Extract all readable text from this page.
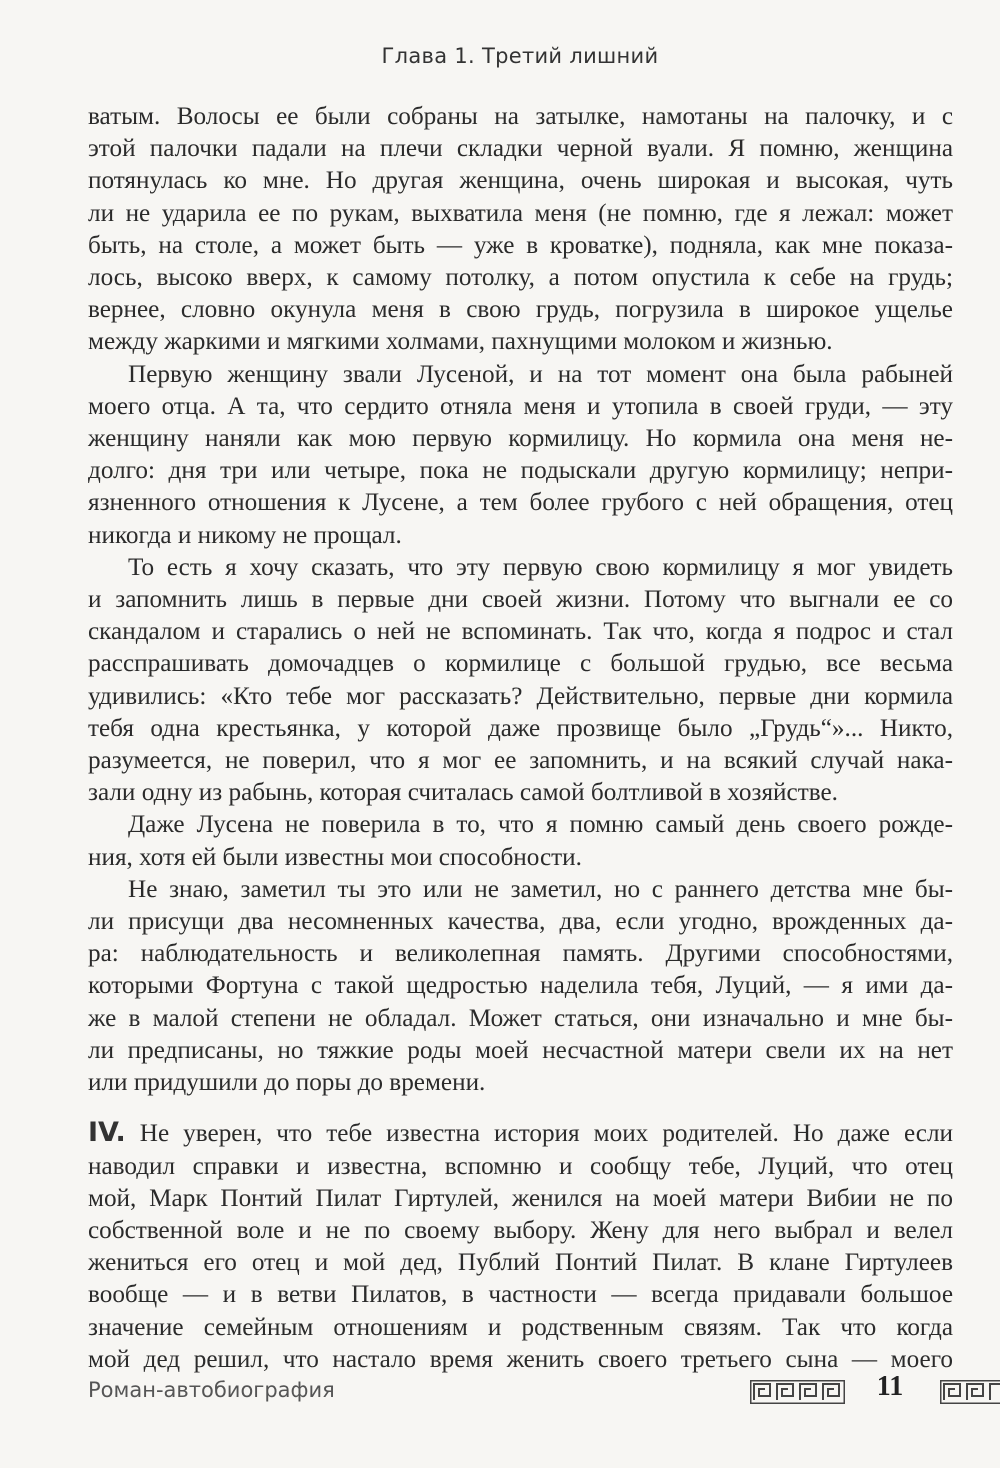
Глава 1. Третий лишний
ватым. Волосы ее были собраны на затылке, намотаны на палочку, и с
этой палочки падали на плечи складки черной вуали. Я помню, женщина
потянулась ко мне. Но другая женщина, очень широкая и высокая, чуть
ли не ударила ее по рукам, выхватила меня (не помню, где я лежал: может
быть, на столе, а может быть — уже в кроватке), подняла, как мне показа-
лось, высоко вверх, к самому потолку, а потом опустила к себе на грудь;
вернее, словно окунула меня в свою грудь, погрузила в широкое ущелье
между жаркими и мягкими холмами, пахнущими молоком и жизнью.
Первую женщину звали Лусеной, и на тот момент она была рабыней
моего отца. А та, что сердито отняла меня и утопила в своей груди, — эту
женщину наняли как мою первую кормилицу. Но кормила она меня не-
долго: дня три или четыре, пока не подыскали другую кормилицу; непри-
язненного отношения к Лусене, а тем более грубого с ней обращения, отец
никогда и никому не прощал.
То есть я хочу сказать, что эту первую свою кормилицу я мог увидеть
и запомнить лишь в первые дни своей жизни. Потому что выгнали ее со
скандалом и старались о ней не вспоминать. Так что, когда я подрос и стал
расспрашивать домочадцев о кормилице с большой грудью, все весьма
удивились: «Кто тебе мог рассказать? Действительно, первые дни кормила
тебя одна крестьянка, у которой даже прозвище было „Грудь“»... Никто,
разумеется, не поверил, что я мог ее запомнить, и на всякий случай нака-
зали одну из рабынь, которая считалась самой болтливой в хозяйстве.
Даже Лусена не поверила в то, что я помню самый день своего рожде-
ния, хотя ей были известны мои способности.
Не знаю, заметил ты это или не заметил, но с раннего детства мне бы-
ли присущи два несомненных качества, два, если угодно, врожденных да-
ра: наблюдательность и великолепная память. Другими способностями,
которыми Фортуна с такой щедростью наделила тебя, Луций, — я ими да-
же в малой степени не обладал. Может статься, они изначально и мне бы-
ли предписаны, но тяжкие роды моей несчастной матери свели их на нет
или придушили до поры до времени.
IV. Не уверен, что тебе известна история моих родителей. Но даже если
наводил справки и известна, вспомню и сообщу тебе, Луций, что отец
мой, Марк Понтий Пилат Гиртулей, женился на моей матери Вибии не по
собственной воле и не по своему выбору. Жену для него выбрал и велел
жениться его отец и мой дед, Публий Понтий Пилат. В клане Гиртулеев
вообще — и в ветви Пилатов, в частности — всегда придавали большое
значение семейным отношениям и родственным связям. Так что когда
мой дед решил, что настало время женить своего третьего сына — моего
Роман-автобиография	11
